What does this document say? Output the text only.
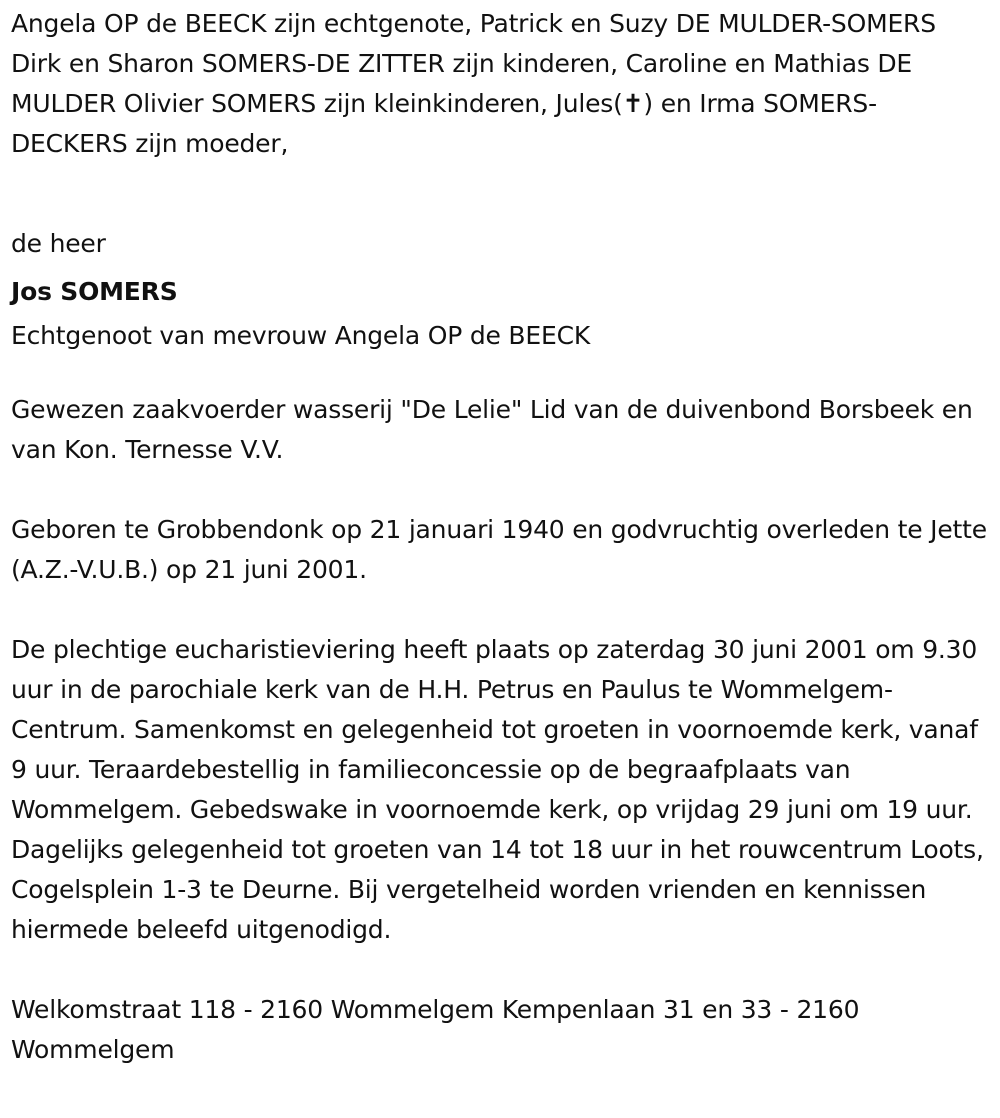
Angela OP de BEECK zijn echtgenote, Patrick en Suzy DE MULDER-SOMERS Dirk en Sharon SOMERS-DE ZITTER zijn kinderen, Caroline en Mathias DE MULDER Olivier SOMERS zijn kleinkinderen, Jules(✝) en Irma SOMERS-DECKERS zijn moeder,

de heer

Jos SOMERS

Echtgenoot van mevrouw Angela OP de BEECK

Gewezen zaakvoerder wasserij "De Lelie" Lid van de duivenbond Borsbeek en van Kon. Ternesse V.V.

Geboren te Grobbendonk op 21 januari 1940 en godvruchtig overleden te Jette (A.Z.-V.U.B.) op 21 juni 2001.

De plechtige eucharistieviering heeft plaats op zaterdag 30 juni 2001 om 9.30 uur in de parochiale kerk van de H.H. Petrus en Paulus te Wommelgem-Centrum. Samenkomst en gelegenheid tot groeten in voornoemde kerk, vanaf 9 uur. Teraardebestellig in familieconcessie op de begraafplaats van Wommelgem. Gebedswake in voornoemde kerk, op vrijdag 29 juni om 19 uur. Dagelijks gelegenheid tot groeten van 14 tot 18 uur in het rouwcentrum Loots, Cogelsplein 1-3 te Deurne. Bij vergetelheid worden vrienden en kennissen hiermede beleefd uitgenodigd.

Welkomstraat 118 - 2160 Wommelgem Kempenlaan 31 en 33 - 2160 Wommelgem
